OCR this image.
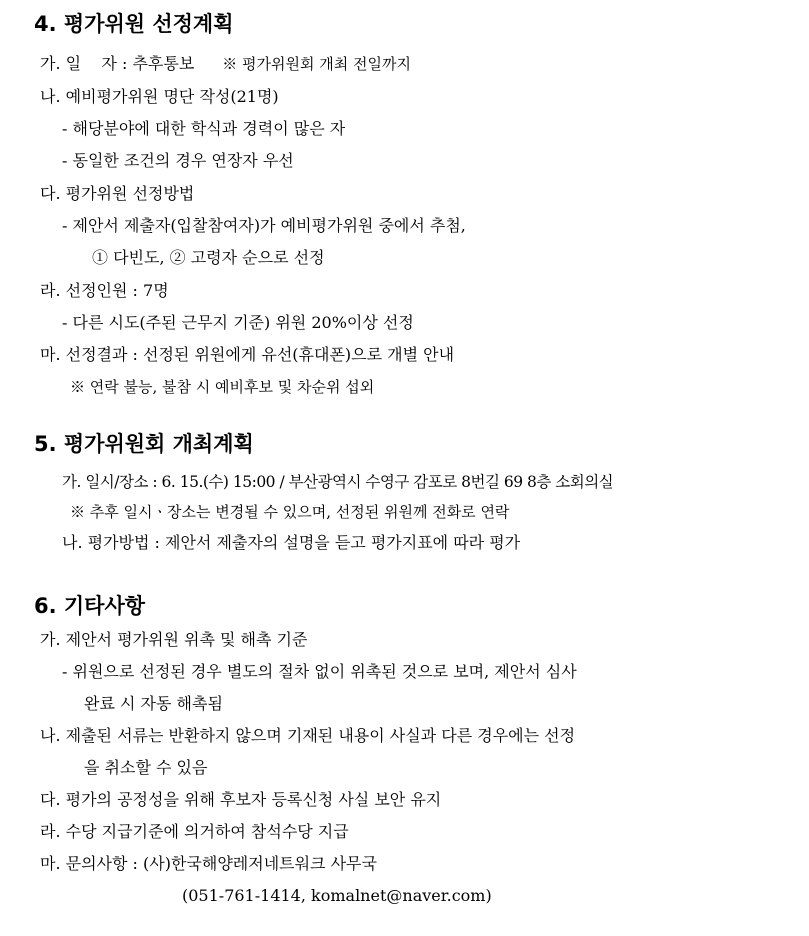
4. 평가위원 선정계획
가. 일    자 : 추후통보 ※ 평가위원회 개최 전일까지
나. 예비평가위원 명단 작성(21명)
- 해당분야에 대한 학식과 경력이 많은 자
- 동일한 조건의 경우 연장자 우선
다. 평가위원 선정방법
- 제안서 제출자(입찰참여자)가 예비평가위원 중에서 추첨,
① 다빈도, ② 고령자 순으로 선정
라. 선정인원 : 7명
- 다른 시도(주된 근무지 기준) 위원 20%이상 선정
마. 선정결과 : 선정된 위원에게 유선(휴대폰)으로 개별 안내
※ 연락 불능, 불참 시 예비후보 및 차순위 섭외
5. 평가위원회 개최계획
가. 일시/장소 : 6. 15.(수) 15:00 / 부산광역시 수영구 감포로 8번길 69 8층 소회의실
※ 추후 일시ㆍ장소는 변경될 수 있으며, 선정된 위원께 전화로 연락
나. 평가방법 : 제안서 제출자의 설명을 듣고 평가지표에 따라 평가
6. 기타사항
가. 제안서 평가위원 위촉 및 해촉 기준
- 위원으로 선정된 경우 별도의 절차 없이 위촉된 것으로 보며, 제안서 심사
완료 시 자동 해촉됨
나. 제출된 서류는 반환하지 않으며 기재된 내용이 사실과 다른 경우에는 선정
을 취소할 수 있음
다. 평가의 공정성을 위해 후보자 등록신청 사실 보안 유지
라. 수당 지급기준에 의거하여 참석수당 지급
마. 문의사항 : (사)한국해양레저네트워크 사무국
(051-761-1414, komalnet@naver.com)
